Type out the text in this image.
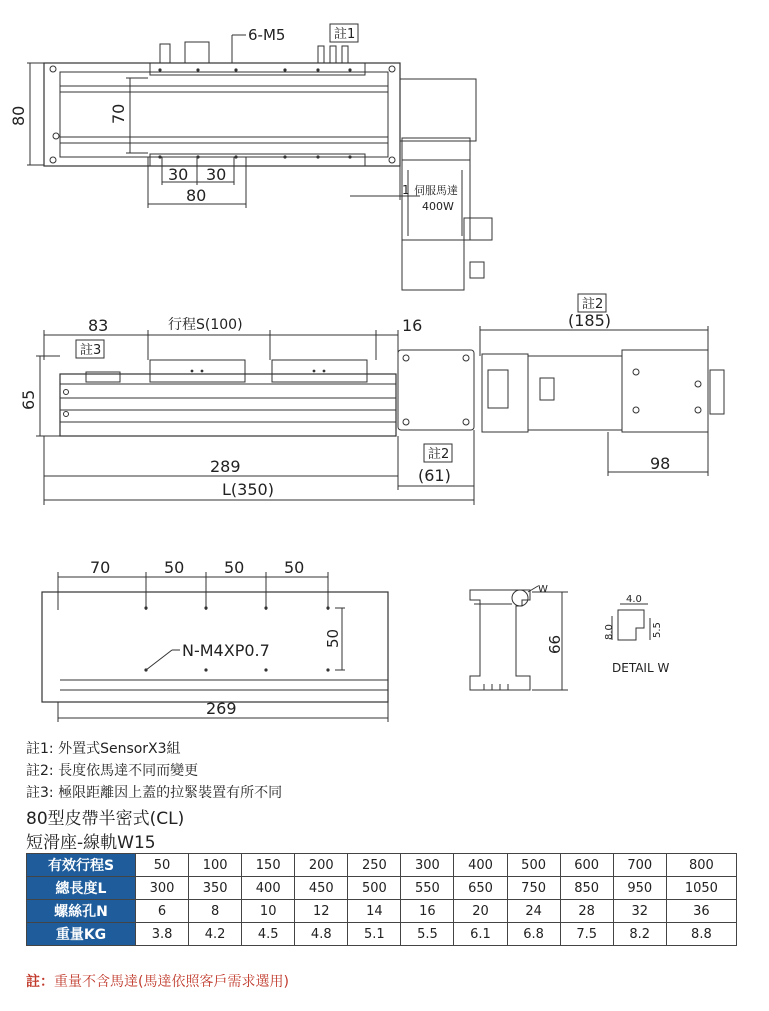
6-M5	註1
80	70
30 30
80	1 伺服馬達
400W
83	行程S(100)	16
註3
65
289
L(350)
註2
(61)
註2
(185)
98
70	50 50 50
50
N-M4XP0.7
269
W
66
4.0
8.0	5.5
DETAIL W
註1: 外置式SensorX3組
註2: 長度依馬達不同而變更
註3: 極限距離因上蓋的拉緊裝置有所不同
80型皮帶半密式(CL)
短滑座-線軌W15
有效行程S	50	100	150	200	250	300	400	500	600	700	800
總長度L	300	350	400	450	500	550	650	750	850	950	1050
螺絲孔N	6	8	10	12	14	16	20	24	28	32	36
重量KG	3.8	4.2	4.5	4.8	5.1	5.5	6.1	6.8	7.5	8.2	8.8
註：重量不含馬達(馬達依照客戶需求選用)
